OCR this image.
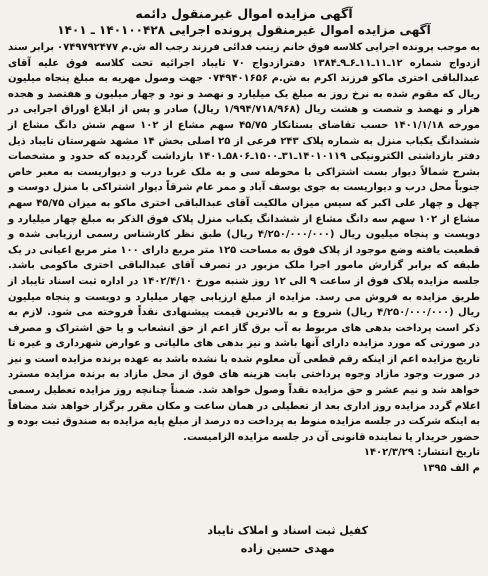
آگهی مزایده اموال غیرمنقول دائمه
آگهی مزایده اموال غیرمنقول پرونده اجرایی ۱۴۰۱۰۰۴۲۸ ـ ۱۴۰۱

به موجب پرونده اجرایی کلاسه فوق خانم زینب فدائی فرزند رجب اله ش.م ۰۷۴۹۷۹۲۴۷۷ برابر سند ازدواج شماره ۱۲ـ۱۱ـ۱۱ـ۶ـ۹ـ۱۳۸۴ دفترازدواج ۷۰ تایباد اجرائیه تحت کلاسه فوق علیه آقای عبدالباقی اختری ماکو فرزند اکرم به ش.م ۰۷۴۹۴۰۱۶۵۶ جهت وصول مهریه به مبلغ پنجاه میلیون ریال که مقوم شده به نرخ روز به مبلغ یک میلیارد و نهصد و نود و چهار میلیون و هفتصد و هجده هزار و نهصد و شصت و هشت ریال (۱/۹۹۴/۷۱۸/۹۶۸ ریال) صادر و پس از ابلاغ اوراق اجرایی در مورخه ۱۴۰۱/۱/۱۸ حسب تقاضای بستانکار ۴۵/۷۵ سهم مشاع از ۱۰۲ سهم شش دانگ مشاع از ششدانگ یکباب منزل به شماره پلاک ۲۴۳ فرعی از ۲۵ اصلی بخش ۱۴ مشهد شهرستان تایباد ذیل دفتر بازداشتی الکترونیکی ۱۴۰۱۰۱۱۹ـ۳۱ـ۱۵۰۰ـ۵۸۰۶ـ۱۴۰۱ بازداشت گردیده که حدود و مشخصات بشرح شمالاً دیوار بست اشتراکی با محوطه سی و به ملک غربا درب و دیواریست به معبر خاص جنوباً محل درب و دیواریست به جوی یوسف آباد و ممر عام شرقاً دیوار اشتراکی با منزل دوست و چهل و چهار علی اکبر که سیس میزان مالکیت آقای عبدالباقی اختری ماکو به میزان ۴۵/۷۵ سهم مشاع از ۱۰۲ سهم سه دانگ مشاع از ششدانگ یکباب منزل پلاک فوق الذکر به مبلغ چهار میلیارد و دویست و پنجاه میلیون ریال (۴/۲۵۰/۰۰۰/۰۰۰ ریال) طبق نظر کارشناس رسمی ارزیابی شده و قطعیت یافته وضع موجود از پلاک فوق به مساحت ۱۲۵ متر مربع دارای ۱۰۰ متر مربع اعیانی در یک طبقه که برابر گزارش مامور اجرا ملک مزبور در تصرف آقای عبدالباقی اختری ماکومی باشد. جلسه مزایده پلاک فوق از ساعت ۹ الی ۱۲ روز شنبه مورخ ۱۴۰۲/۴/۱۰ در اداره ثبت اسناد تایباد از طریق مزایده به فروش می رسد. مزایده از مبلغ ارزیابی چهار میلیارد و دویست و پنجاه میلیون ریال (۴/۲۵۰/۰۰۰/۰۰۰ ریال) شروع و به بالاترین قیمت پیشنهادی نقداً فروخته می شود. لازم به ذکر است پرداخت بدهی های مربوط به آب برق گاز اعم از حق انشعاب و یا حق اشتراک و مصرف در صورتی که مورد مزایده دارای آنها باشد و نیز بدهی های مالیاتی و عوارض شهرداری و غیره تا تاریخ مزایده اعم از اینکه رقم قطعی آن معلوم شده یا نشده باشد به عهده برنده مزایده است و نیز در صورت وجود مازاد وجوه پرداختی بابت هزینه های فوق از محل مازاد به برنده مزایده مسترد خواهد شد و نیم عشر و حق مزایده نقداً وصول خواهد شد. ضمناً چنانچه روز مزایده تعطیل رسمی اعلام گردد مزایده روز اداری بعد از تعطیلی در همان ساعت و مکان مقرر برگزار خواهد شد مضافاً به اینکه شرکت در جلسه مزایده منوط به پرداخت ده درصد از مبلغ پایه مزایده به صندوق ثبت بوده و حضور خریدار یا نماینده قانونی آن در جلسه مزایده الزامیست.

تاریخ انتشار: ۱۴۰۲/۳/۲۹
م الف ۱۳۹۵
کفیل ثبت اسناد و املاک تایباد
مهدی حسین زاده
